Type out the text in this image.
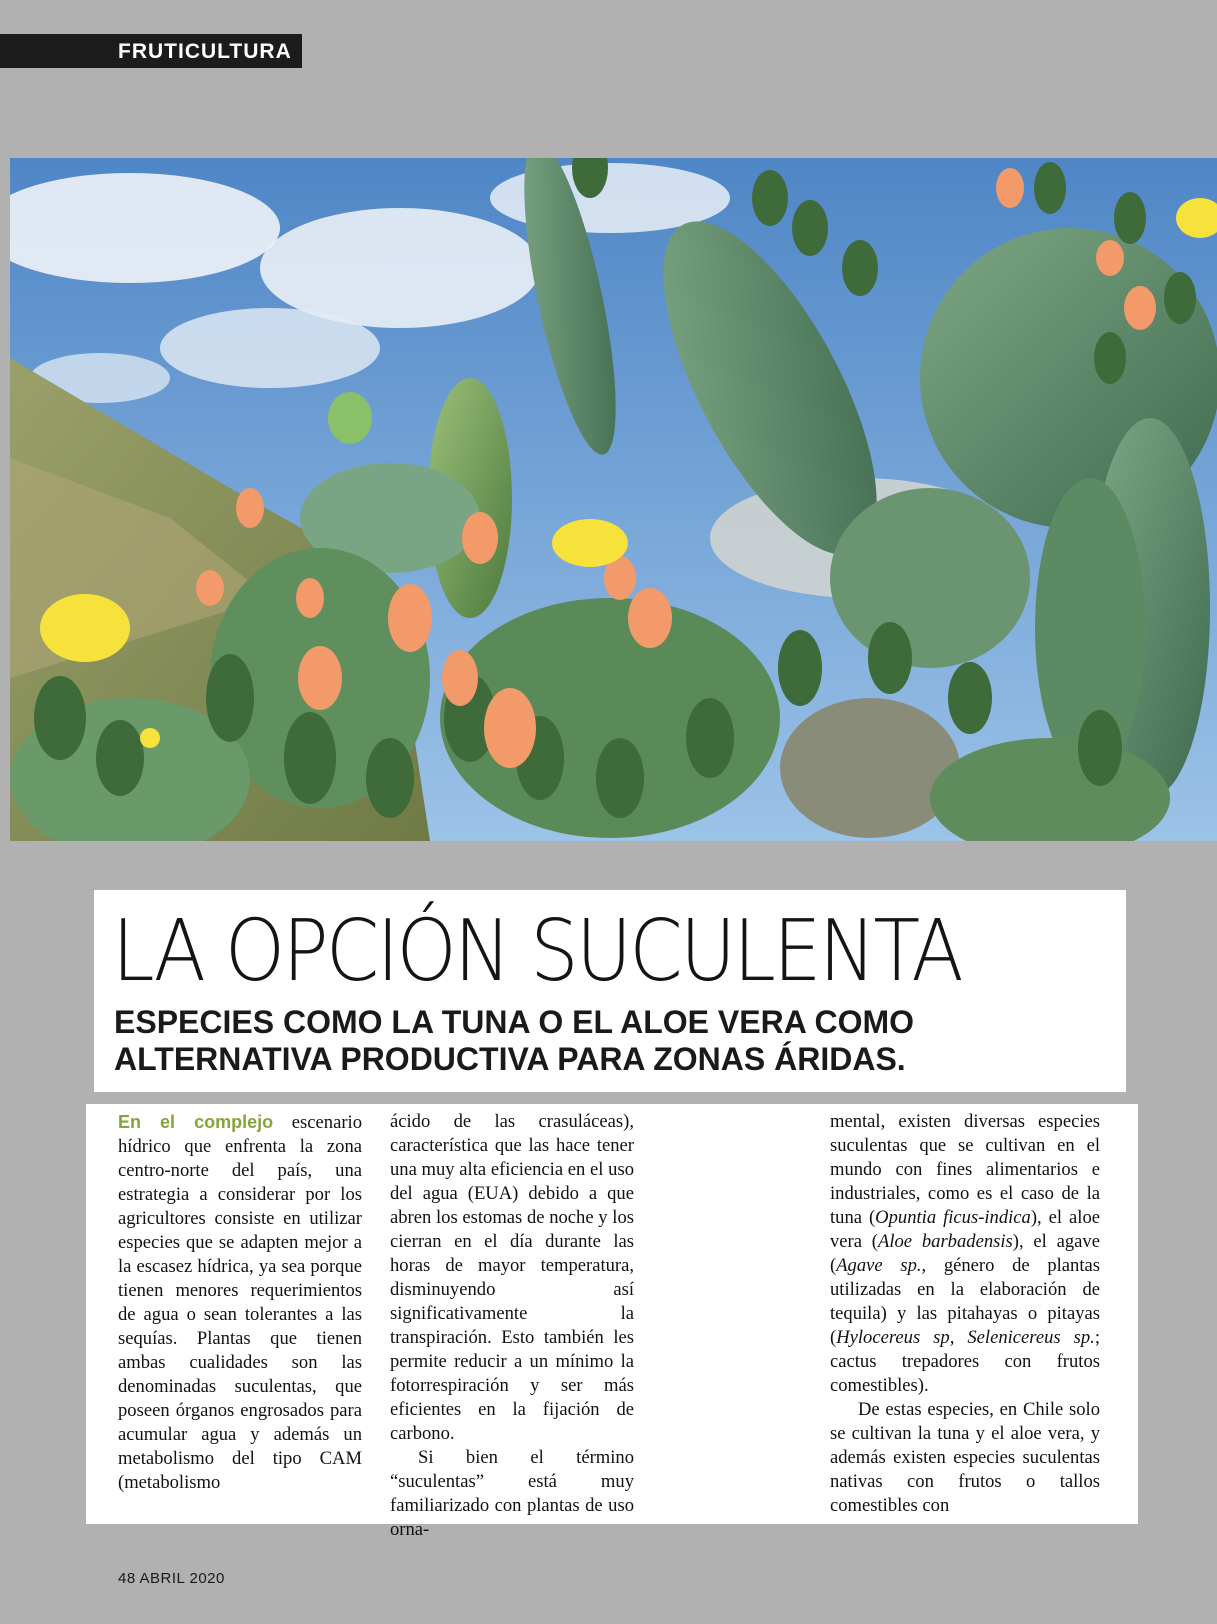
FRUTICULTURA
LA OPCIÓN SUCULENTA
ESPECIES COMO LA TUNA O EL ALOE VERA COMO
ALTERNATIVA PRODUCTIVA PARA ZONAS ÁRIDAS.

En el complejo escenario hídrico que enfrenta la zona centro-norte del país, una estrategia a considerar por los agricultores consiste en utilizar especies que se adapten mejor a la escasez hídrica, ya sea porque tienen menores requerimientos de agua o sean tolerantes a las sequías. Plantas que tienen ambas cualidades son las denominadas suculentas, que poseen órganos engrosados para acumular agua y además un metabolismo del tipo CAM (metabolismo

ácido de las crasuláceas), característica que las hace tener una muy alta eficiencia en el uso del agua (EUA) debido a que abren los estomas de noche y los cierran en el día durante las horas de mayor temperatura, disminuyendo así significativamente la transpiración. Esto también les permite reducir a un mínimo la fotorrespiración y ser más eficientes en la fijación de carbono.

Si bien el término “suculentas” está muy familiarizado con plantas de uso orna-

mental, existen diversas especies suculentas que se cultivan en el mundo con fines alimentarios e industriales, como es el caso de la tuna (Opuntia ficus-indica), el aloe vera (Aloe barbadensis), el agave (Agave sp., género de plantas utilizadas en la elaboración de tequila) y las pitahayas o pitayas (Hylocereus sp, Selenicereus sp.; cactus trepadores con frutos comestibles).

De estas especies, en Chile solo se cultivan la tuna y el aloe vera, y además existen especies suculentas nativas con frutos o tallos comestibles con

48 ABRIL 2020
